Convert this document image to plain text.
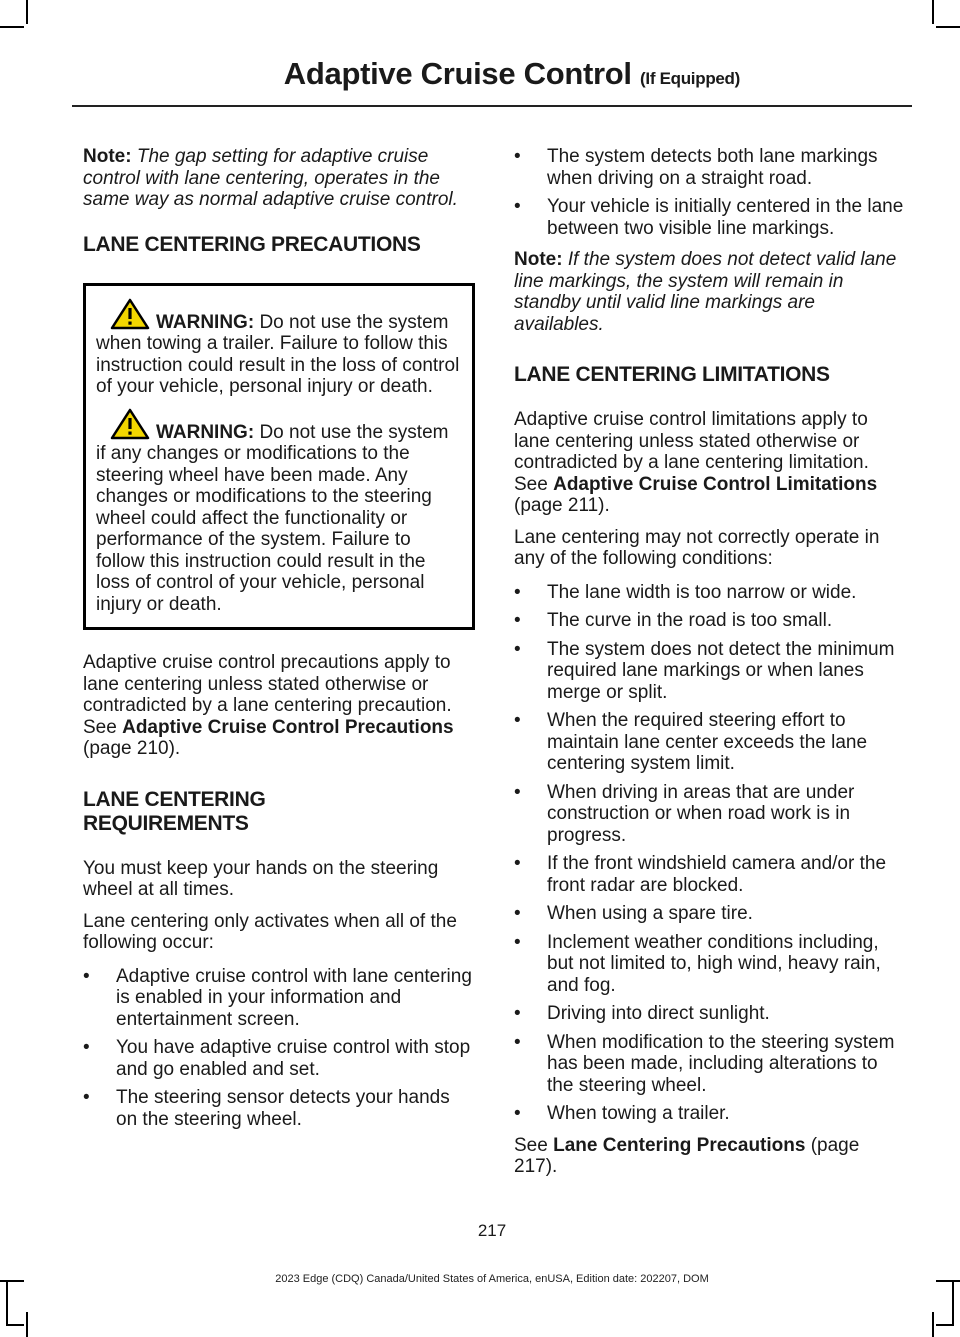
Adaptive Cruise Control (If Equipped)

Note: The gap setting for adaptive cruise control with lane centering, operates in the same way as normal adaptive cruise control.

LANE CENTERING PRECAUTIONS

WARNING: Do not use the system when towing a trailer. Failure to follow this instruction could result in the loss of control of your vehicle, personal injury or death.

WARNING: Do not use the system if any changes or modifications to the steering wheel have been made. Any changes or modifications to the steering wheel could affect the functionality or performance of the system. Failure to follow this instruction could result in the loss of control of your vehicle, personal injury or death.

Adaptive cruise control precautions apply to lane centering unless stated otherwise or contradicted by a lane centering precaution. See Adaptive Cruise Control Precautions (page 210).

LANE CENTERING
REQUIREMENTS

You must keep your hands on the steering wheel at all times.

Lane centering only activates when all of the following occur:

• Adaptive cruise control with lane centering is enabled in your information and entertainment screen.
• You have adaptive cruise control with stop and go enabled and set.
• The steering sensor detects your hands on the steering wheel.
• The system detects both lane markings when driving on a straight road.
• Your vehicle is initially centered in the lane between two visible line markings.

Note: If the system does not detect valid lane line markings, the system will remain in standby until valid line markings are availables.

LANE CENTERING LIMITATIONS

Adaptive cruise control limitations apply to lane centering unless stated otherwise or contradicted by a lane centering limitation. See Adaptive Cruise Control Limitations (page 211).

Lane centering may not correctly operate in any of the following conditions:

• The lane width is too narrow or wide.
• The curve in the road is too small.
• The system does not detect the minimum required lane markings or when lanes merge or split.
• When the required steering effort to maintain lane center exceeds the lane centering system limit.
• When driving in areas that are under construction or when road work is in progress.
• If the front windshield camera and/or the front radar are blocked.
• When using a spare tire.
• Inclement weather conditions including, but not limited to, high wind, heavy rain, and fog.
• Driving into direct sunlight.
• When modification to the steering system has been made, including alterations to the steering wheel.
• When towing a trailer.

See Lane Centering Precautions (page 217).

217
2023 Edge (CDQ) Canada/United States of America, enUSA, Edition date: 202207, DOM
